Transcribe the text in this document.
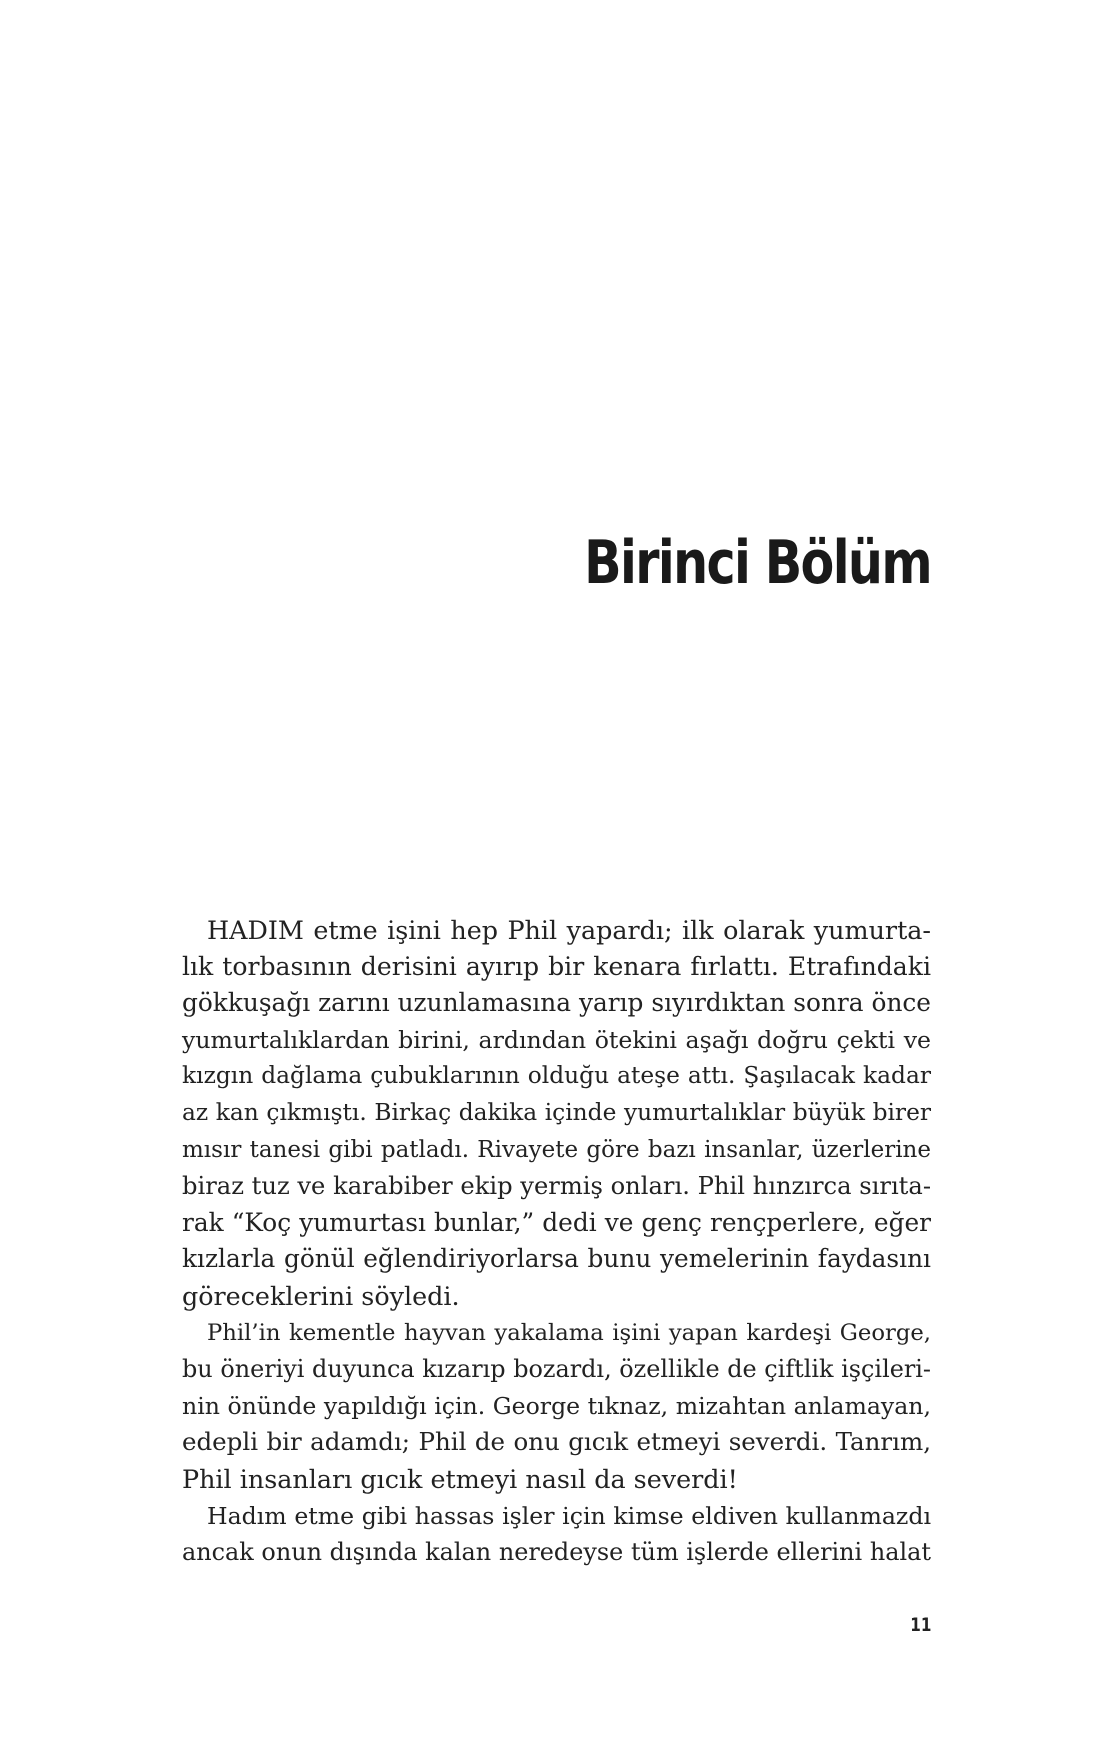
Birinci Bölüm
HADIM etme işini hep Phil yapardı; ilk olarak yumurta-
lık torbasının derisini ayırıp bir kenara fırlattı. Etrafındaki
gökkuşağı zarını uzunlamasına yarıp sıyırdıktan sonra önce
yumurtalıklardan birini, ardından ötekini aşağı doğru çekti ve
kızgın dağlama çubuklarının olduğu ateşe attı. Şaşılacak kadar
az kan çıkmıştı. Birkaç dakika içinde yumurtalıklar büyük birer
mısır tanesi gibi patladı. Rivayete göre bazı insanlar, üzerlerine
biraz tuz ve karabiber ekip yermiş onları. Phil hınzırca sırıta-
rak “Koç yumurtası bunlar,” dedi ve genç rençperlere, eğer
kızlarla gönül eğlendiriyorlarsa bunu yemelerinin faydasını
göreceklerini söyledi.
Phil’in kementle hayvan yakalama işini yapan kardeşi George,
bu öneriyi duyunca kızarıp bozardı, özellikle de çiftlik işçileri-
nin önünde yapıldığı için. George tıknaz, mizahtan anlamayan,
edepli bir adamdı; Phil de onu gıcık etmeyi severdi. Tanrım,
Phil insanları gıcık etmeyi nasıl da severdi!
Hadım etme gibi hassas işler için kimse eldiven kullanmazdı
ancak onun dışında kalan neredeyse tüm işlerde ellerini halat
11
